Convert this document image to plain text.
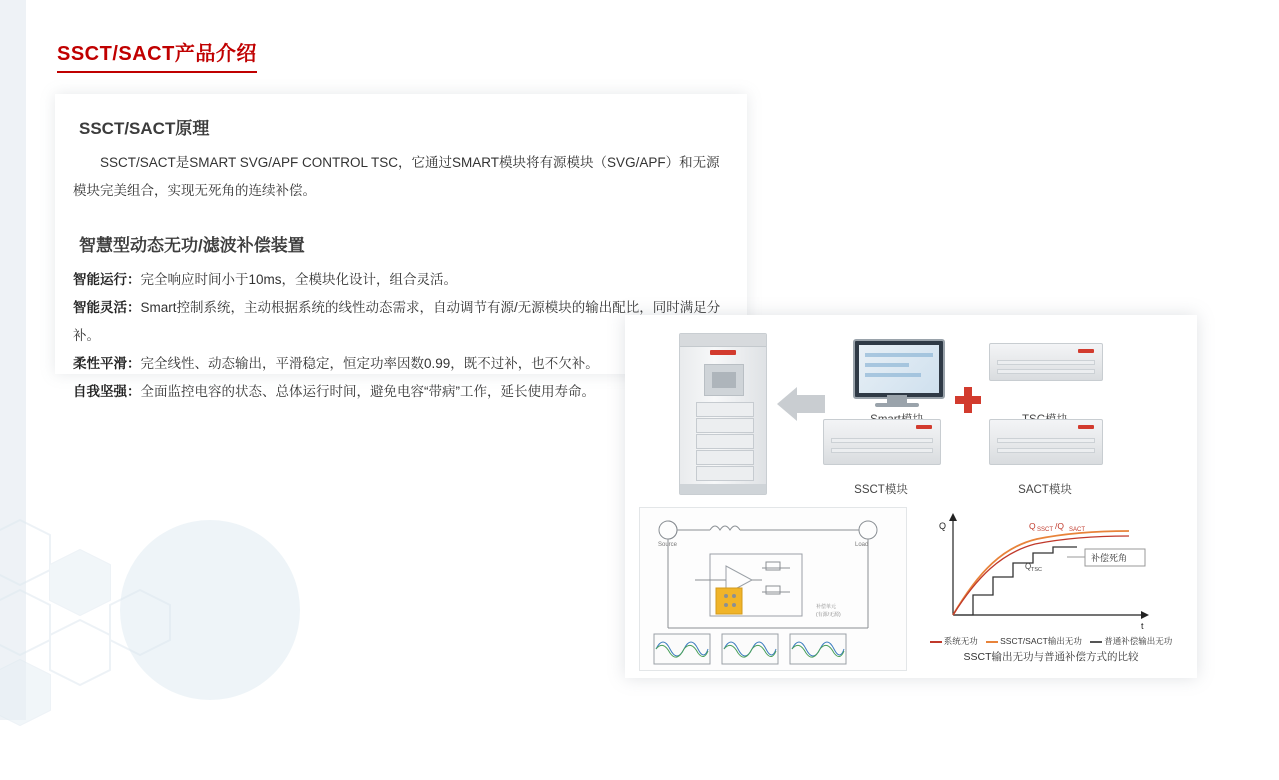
SSCT/SACT产品介绍
SSCT/SACT原理

SSCT/SACT是SMART SVG/APF CONTROL TSC，它通过SMART模块将有源模块（SVG/APF）和无源模块完美组合，实现无死角的连续补偿。

智慧型动态无功/滤波补偿装置
智能运行：完全响应时间小于10ms，全模块化设计，组合灵活。
智能灵活：Smart控制系统，主动根据系统的线性动态需求，自动调节有源/无源模块的输出配比，同时满足分补。
柔性平滑：完全线性、动态输出，平滑稳定，恒定功率因数0.99，既不过补，也不欠补。
自我坚强：全面监控电容的状态、总体运行时间，避免电容“带病”工作，延长使用寿命。
SSCT模块	SACT模块
Source	Load
补偿单元
(有源/无源)
Q
t
Q SSCT /Q SACT
Q TSC
补偿死角
系统无功	SSCT/SACT输出无功	普通补偿输出无功
SSCT输出无功与普通补偿方式的比较
